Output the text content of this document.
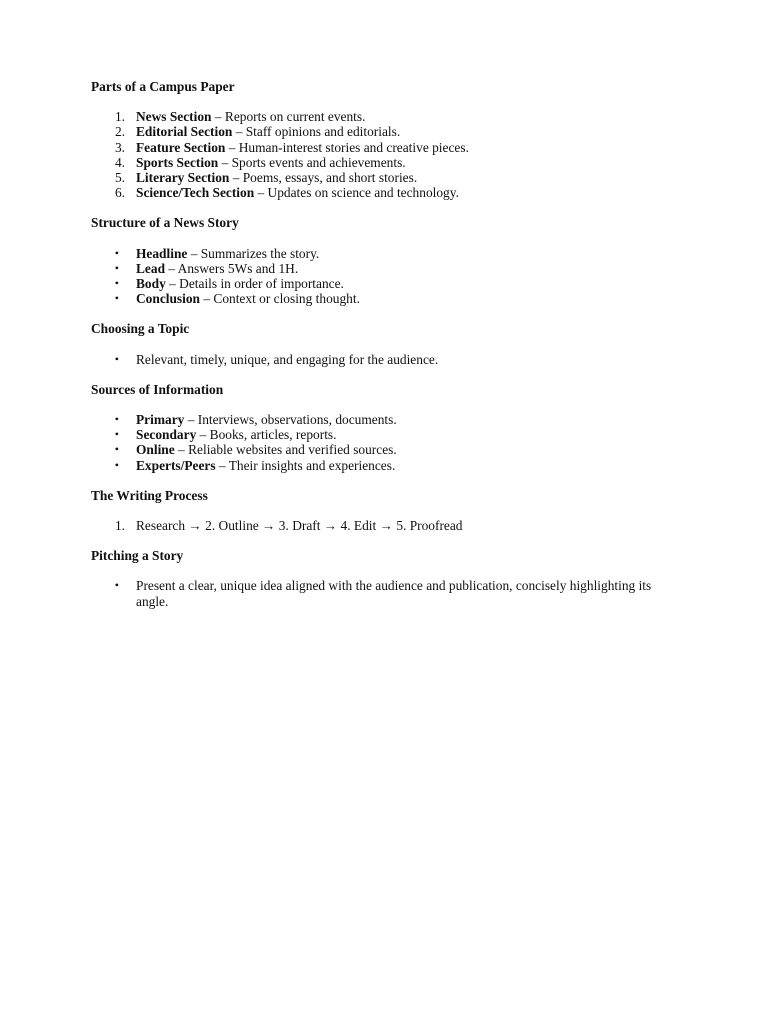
Parts of a Campus Paper

1. News Section – Reports on current events.
2. Editorial Section – Staff opinions and editorials.
3. Feature Section – Human-interest stories and creative pieces.
4. Sports Section – Sports events and achievements.
5. Literary Section – Poems, essays, and short stories.
6. Science/Tech Section – Updates on science and technology.

Structure of a News Story

• Headline – Summarizes the story.
• Lead – Answers 5Ws and 1H.
• Body – Details in order of importance.
• Conclusion – Context or closing thought.

Choosing a Topic

• Relevant, timely, unique, and engaging for the audience.

Sources of Information

• Primary – Interviews, observations, documents.
• Secondary – Books, articles, reports.
• Online – Reliable websites and verified sources.
• Experts/Peers – Their insights and experiences.

The Writing Process

1. Research → 2. Outline → 3. Draft → 4. Edit → 5. Proofread

Pitching a Story

• Present a clear, unique idea aligned with the audience and publication, concisely highlighting its angle.
